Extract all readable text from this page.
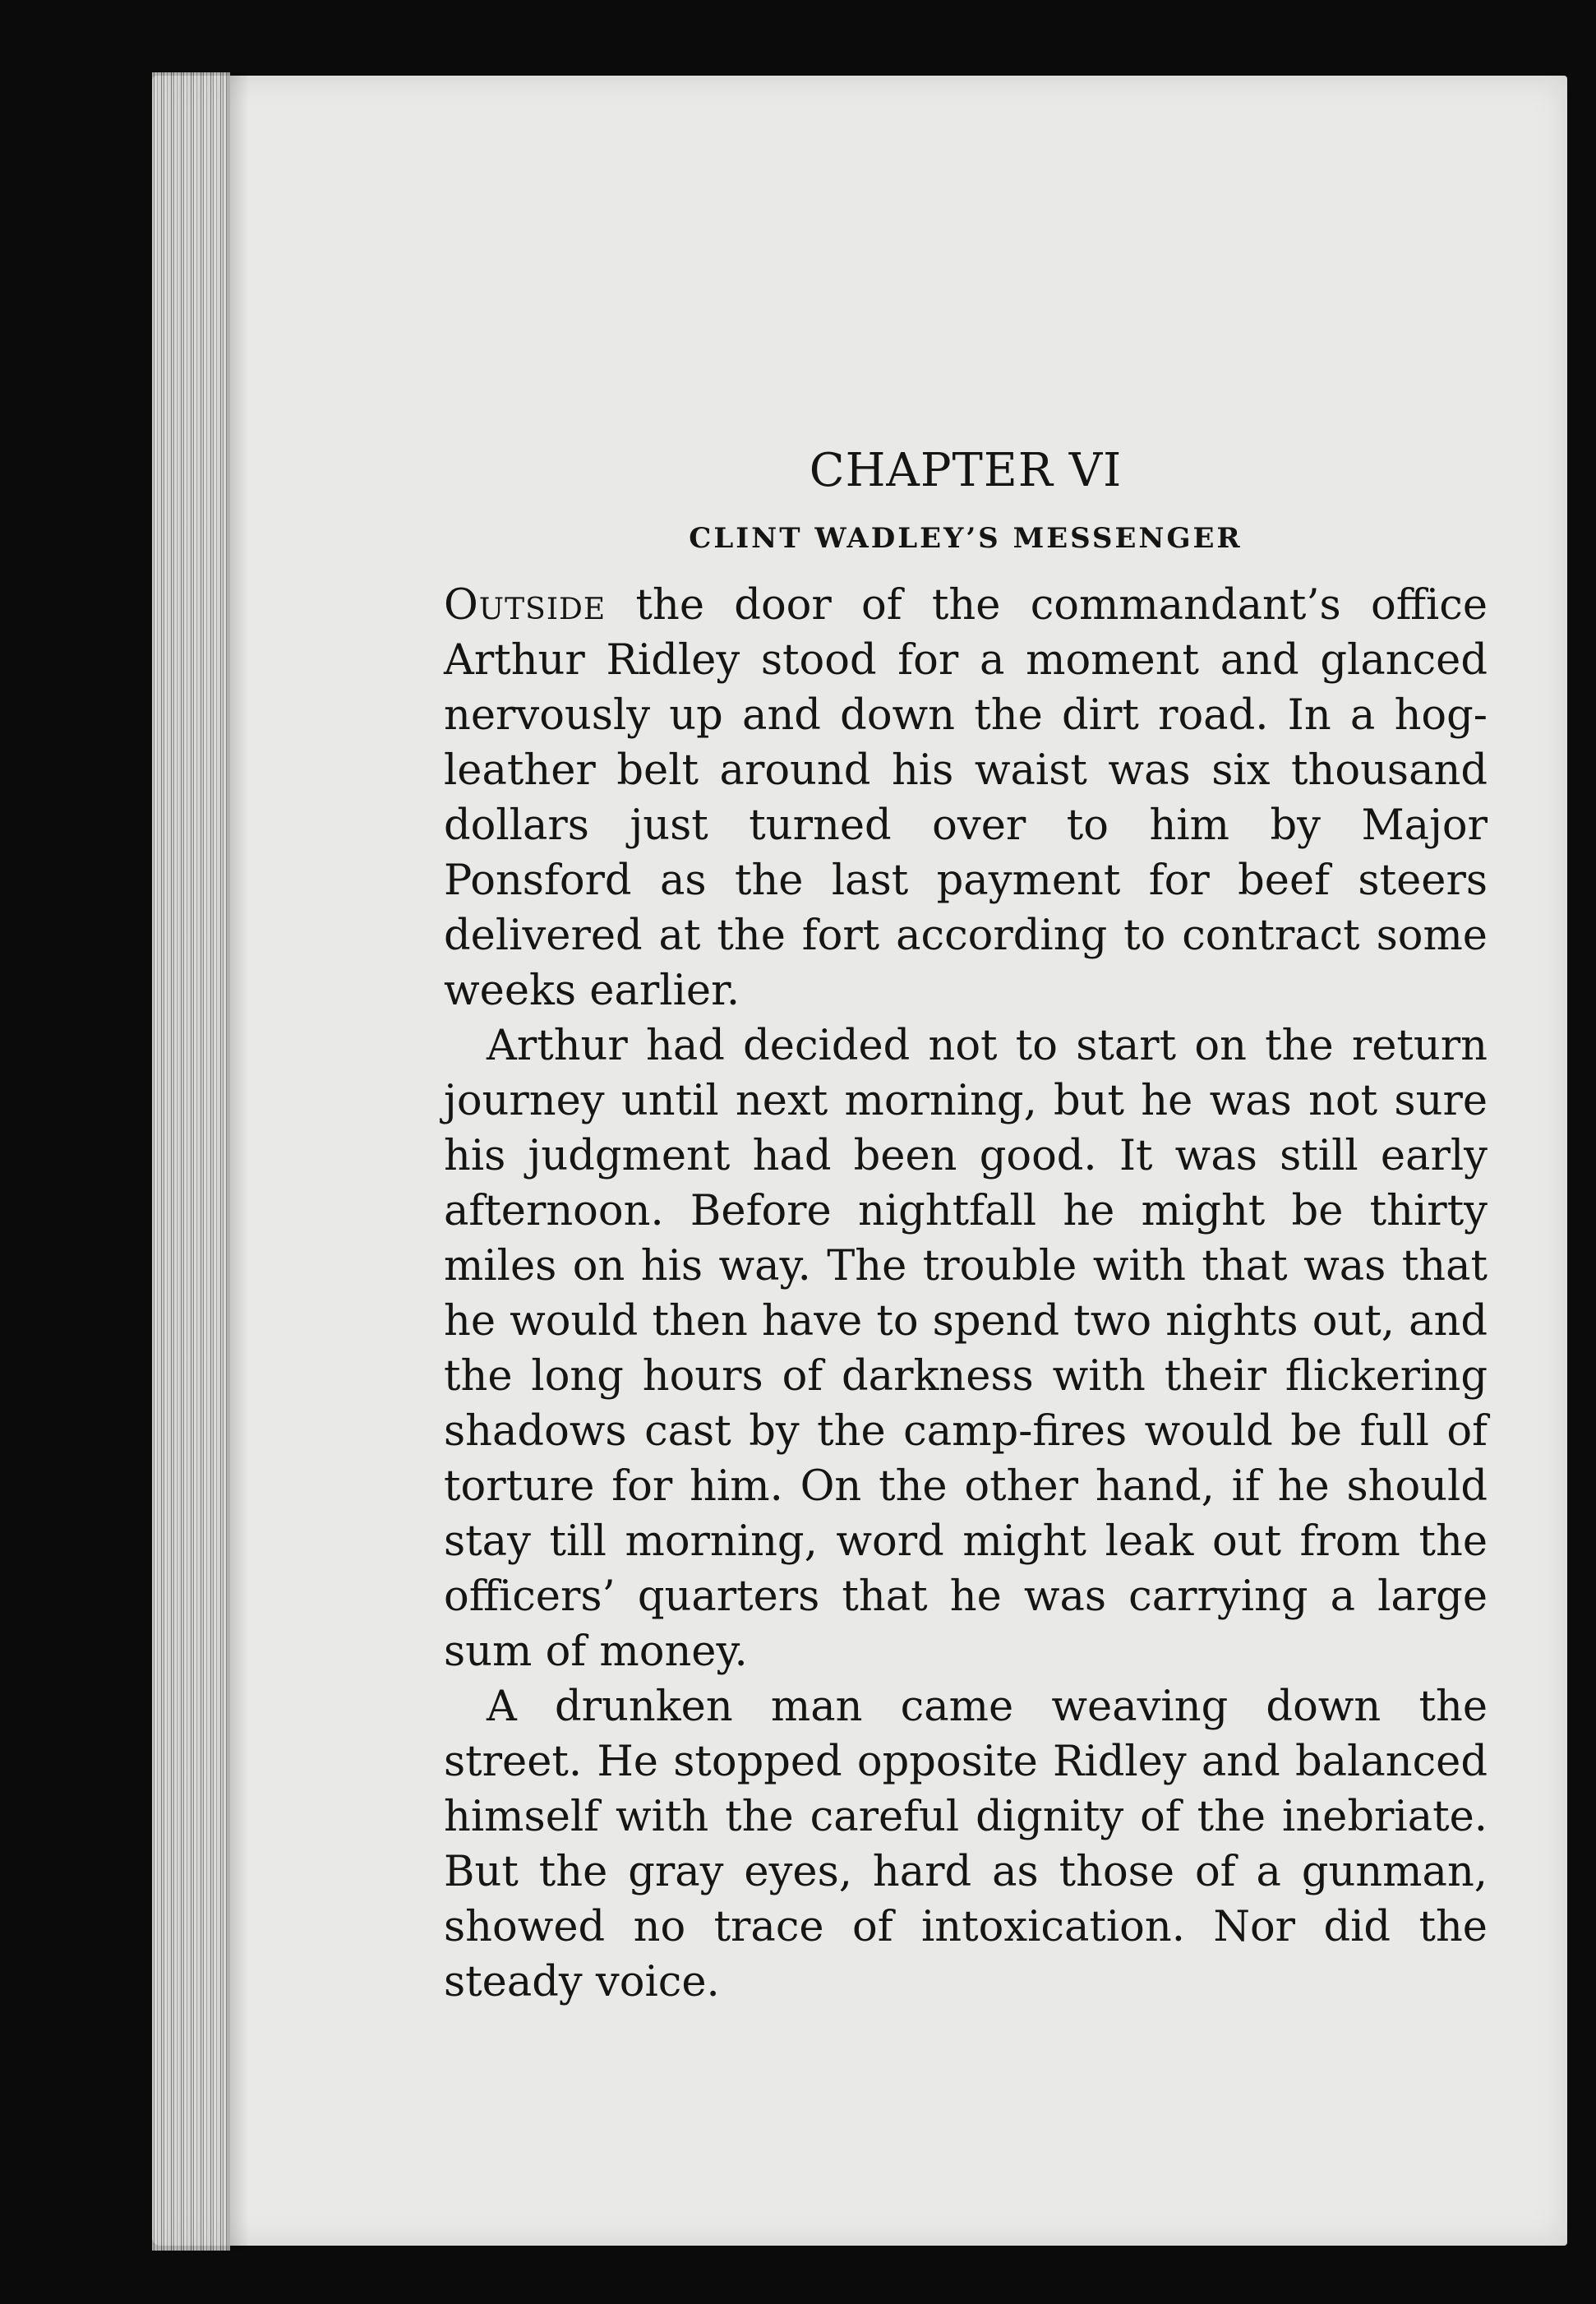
CHAPTER VI
CLINT WADLEY’S MESSENGER

Outside the door of the commandant’s office Arthur Ridley stood for a moment and glanced nervously up and down the dirt road. In a hog-leather belt around his waist was six thousand dollars just turned over to him by Major Ponsford as the last payment for beef steers delivered at the fort according to contract some weeks earlier.

Arthur had decided not to start on the return journey until next morning, but he was not sure his judgment had been good. It was still early afternoon. Before nightfall he might be thirty miles on his way. The trouble with that was that he would then have to spend two nights out, and the long hours of darkness with their flickering shadows cast by the camp-fires would be full of torture for him. On the other hand, if he should stay till morning, word might leak out from the officers’ quarters that he was carrying a large sum of money.

A drunken man came weaving down the street. He stopped opposite Ridley and balanced himself with the careful dignity of the inebriate. But the gray eyes, hard as those of a gunman, showed no trace of intoxication. Nor did the steady voice.
